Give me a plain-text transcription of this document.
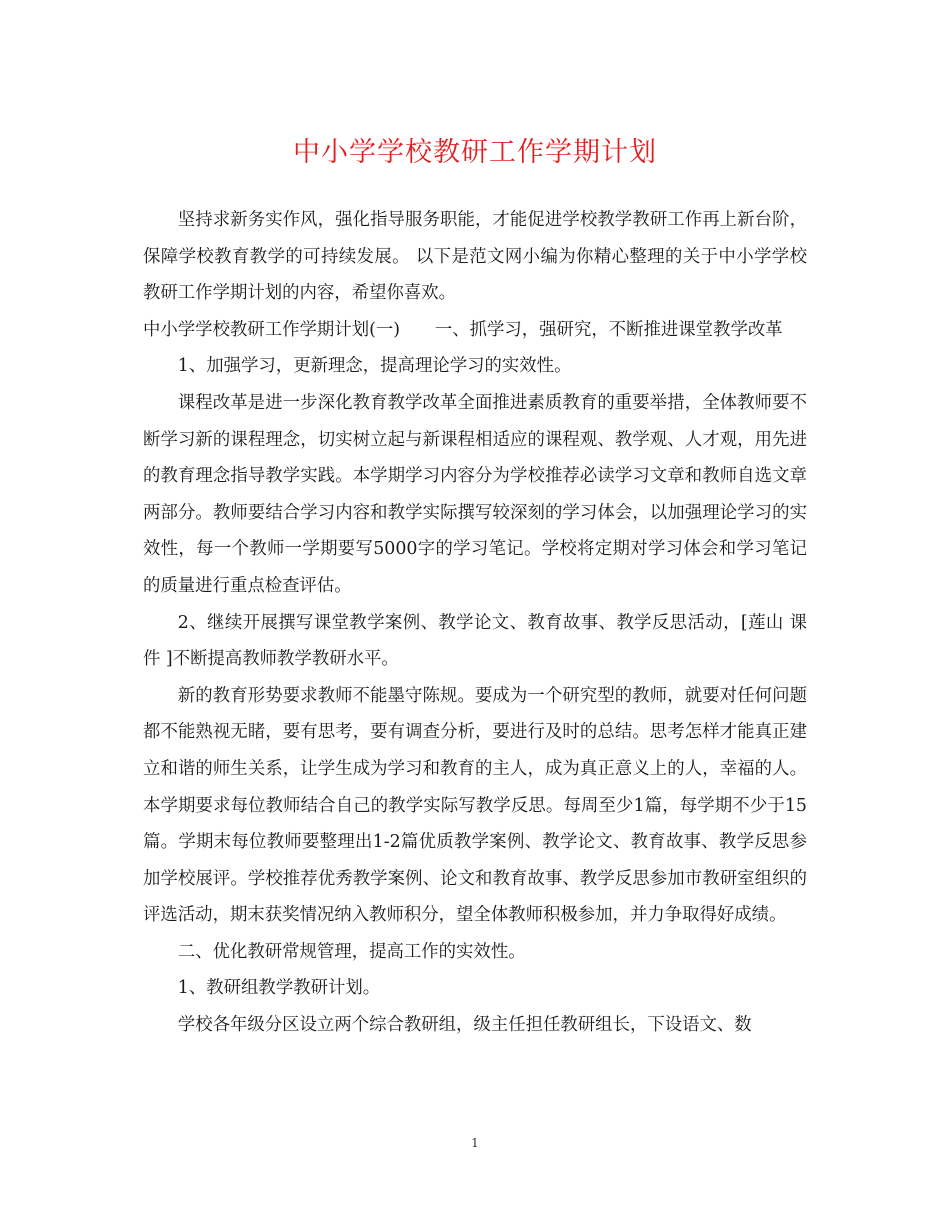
中小学学校教研工作学期计划

坚持求新务实作风，强化指导服务职能，才能促进学校教学教研工作再上新台阶，保障学校教育教学的可持续发展。 以下是范文网小编为你精心整理的关于中小学学校教研工作学期计划的内容，希望你喜欢。

中小学学校教研工作学期计划(一)　　一、抓学习，强研究，不断推进课堂教学改革

1、加强学习，更新理念，提高理论学习的实效性。

课程改革是进一步深化教育教学改革全面推进素质教育的重要举措，全体教师要不断学习新的课程理念，切实树立起与新课程相适应的课程观、教学观、人才观，用先进的教育理念指导教学实践。本学期学习内容分为学校推荐必读学习文章和教师自选文章两部分。教师要结合学习内容和教学实际撰写较深刻的学习体会，以加强理论学习的实效性，每一个教师一学期要写5000字的学习笔记。学校将定期对学习体会和学习笔记的质量进行重点检查评估。

2、继续开展撰写课堂教学案例、教学论文、教育故事、教学反思活动，[莲山 课件 ]不断提高教师教学教研水平。

新的教育形势要求教师不能墨守陈规。要成为一个研究型的教师，就要对任何问题都不能熟视无睹，要有思考，要有调查分析，要进行及时的总结。思考怎样才能真正建立和谐的师生关系，让学生成为学习和教育的主人，成为真正意义上的人，幸福的人。本学期要求每位教师结合自己的教学实际写教学反思。每周至少1篇，每学期不少于15篇。学期末每位教师要整理出1-2篇优质教学案例、教学论文、教育故事、教学反思参加学校展评。学校推荐优秀教学案例、论文和教育故事、教学反思参加市教研室组织的评选活动，期末获奖情况纳入教师积分，望全体教师积极参加，并力争取得好成绩。

二、优化教研常规管理，提高工作的实效性。

1、教研组教学教研计划。

学校各年级分区设立两个综合教研组，级主任担任教研组长，下设语文、数

1
